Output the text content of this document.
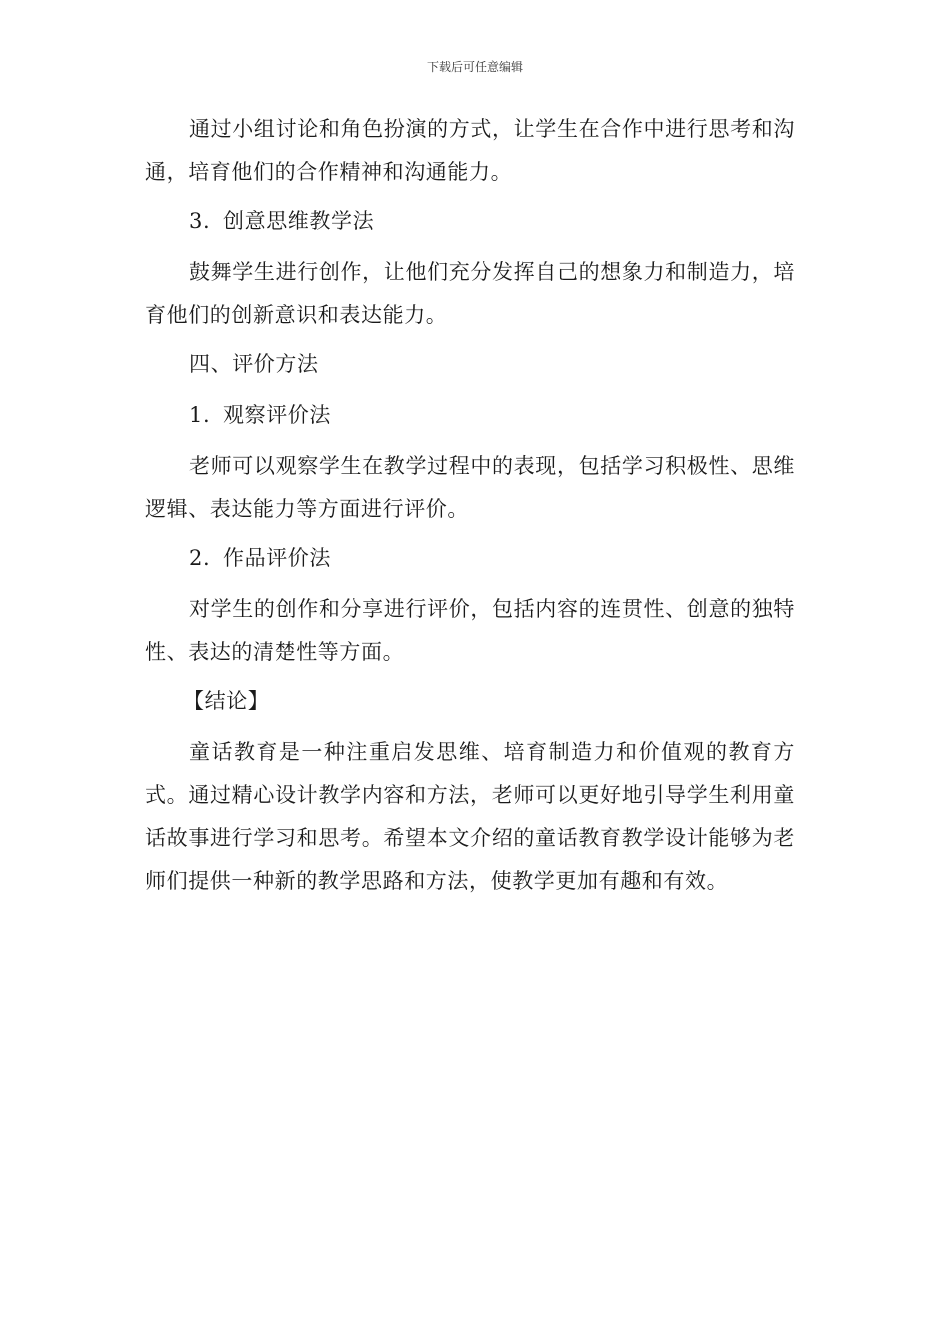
下载后可任意编辑

通过小组讨论和角色扮演的方式，让学生在合作中进行思考和沟通，培育他们的合作精神和沟通能力。

3. 创意思维教学法

鼓舞学生进行创作，让他们充分发挥自己的想象力和制造力，培育他们的创新意识和表达能力。

四、评价方法
1. 观察评价法

老师可以观察学生在教学过程中的表现，包括学习积极性、思维逻辑、表达能力等方面进行评价。

2. 作品评价法

对学生的创作和分享进行评价，包括内容的连贯性、创意的独特性、表达的清楚性等方面。

【结论】

童话教育是一种注重启发思维、培育制造力和价值观的教育方式。通过精心设计教学内容和方法，老师可以更好地引导学生利用童话故事进行学习和思考。希望本文介绍的童话教育教学设计能够为老师们提供一种新的教学思路和方法，使教学更加有趣和有效。
